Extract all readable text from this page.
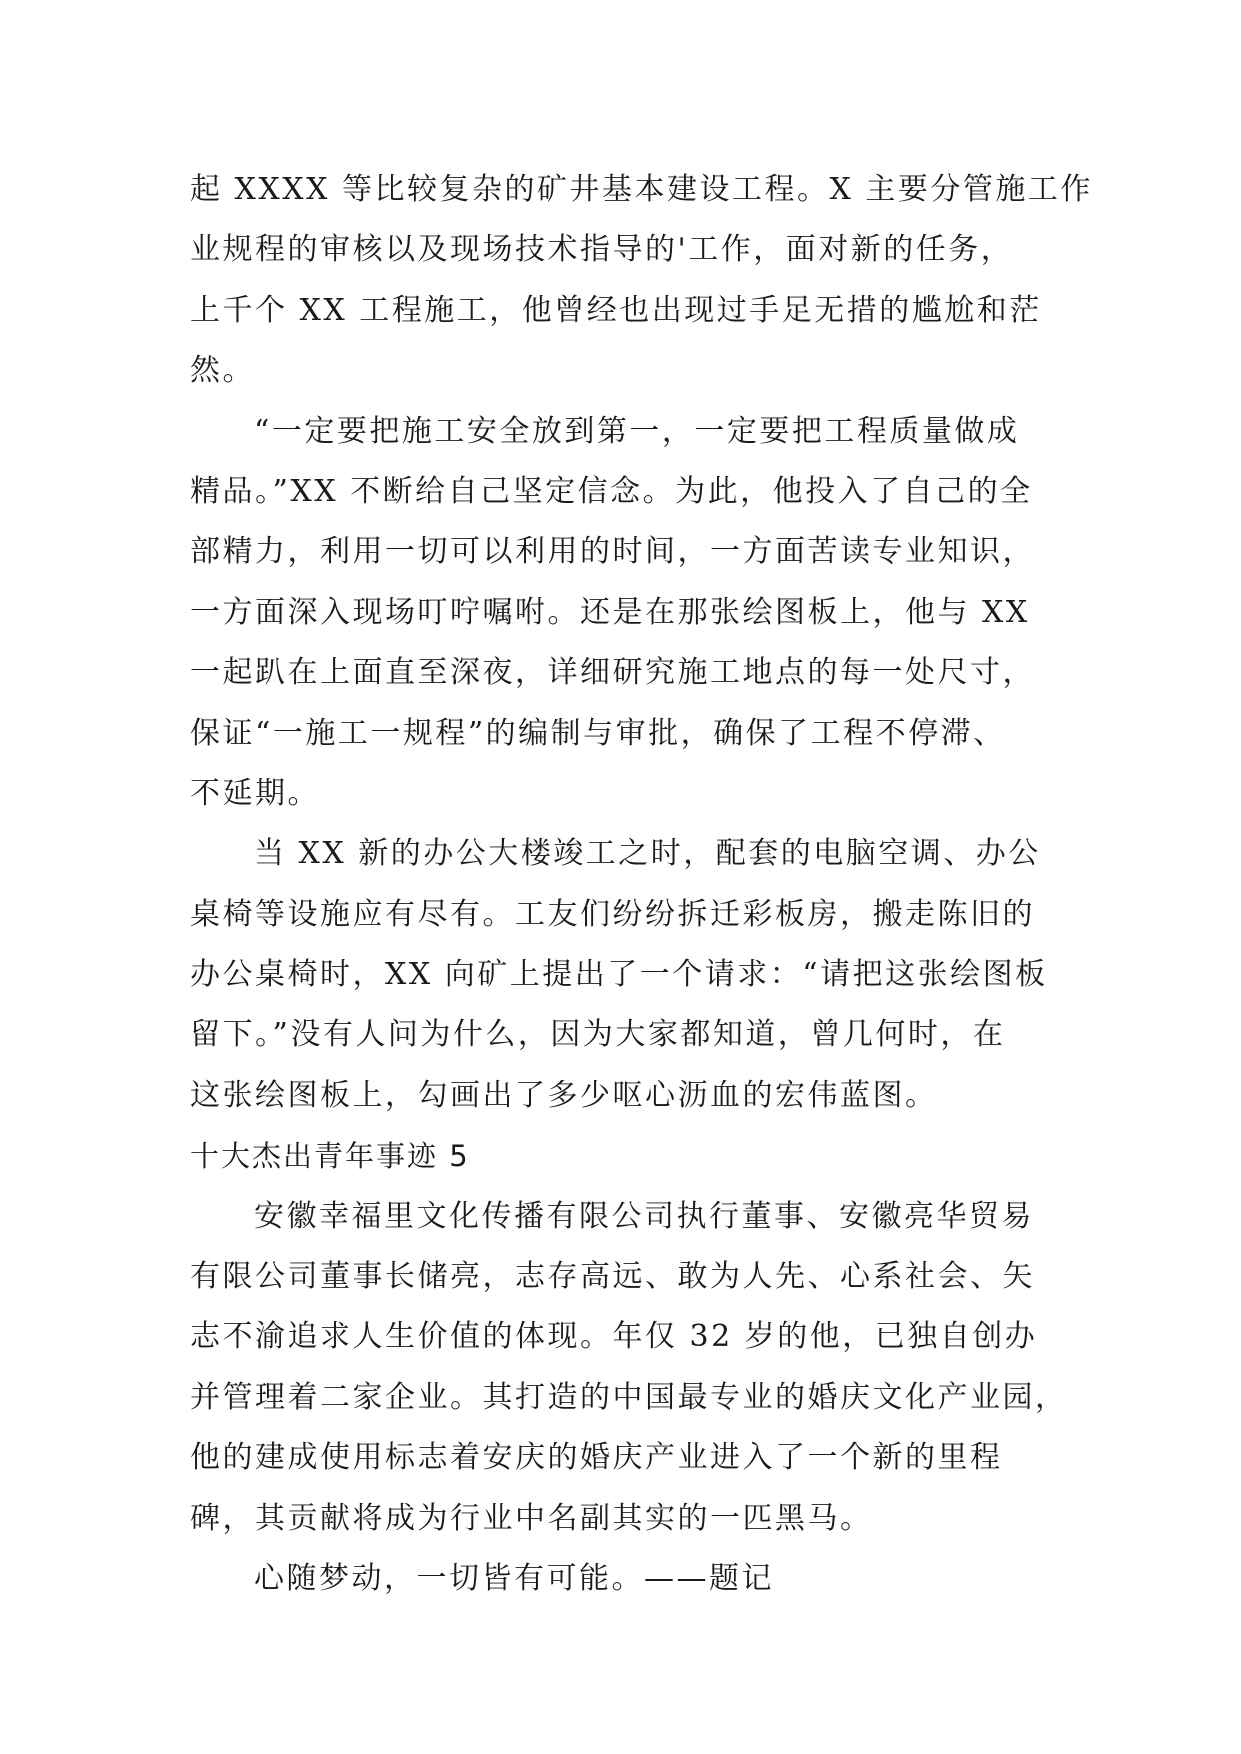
起 XXXX 等比较复杂的矿井基本建设工程。X 主要分管施工作
业规程的审核以及现场技术指导的'工作，面对新的任务，
上千个 XX 工程施工，他曾经也出现过手足无措的尴尬和茫
然。
“一定要把施工安全放到第一，一定要把工程质量做成
精品。”XX 不断给自己坚定信念。为此，他投入了自己的全
部精力，利用一切可以利用的时间，一方面苦读专业知识，
一方面深入现场叮咛嘱咐。还是在那张绘图板上，他与 XX
一起趴在上面直至深夜，详细研究施工地点的每一处尺寸，
保证“一施工一规程”的编制与审批，确保了工程不停滞、
不延期。
当 XX 新的办公大楼竣工之时，配套的电脑空调、办公
桌椅等设施应有尽有。工友们纷纷拆迁彩板房，搬走陈旧的
办公桌椅时，XX 向矿上提出了一个请求：“请把这张绘图板
留下。”没有人问为什么，因为大家都知道，曾几何时，在
这张绘图板上，勾画出了多少呕心沥血的宏伟蓝图。
十大杰出青年事迹 5
安徽幸福里文化传播有限公司执行董事、安徽亮华贸易
有限公司董事长储亮，志存高远、敢为人先、心系社会、矢
志不渝追求人生价值的体现。年仅 32 岁的他，已独自创办
并管理着二家企业。其打造的中国最专业的婚庆文化产业园，
他的建成使用标志着安庆的婚庆产业进入了一个新的里程
碑，其贡献将成为行业中名副其实的一匹黑马。
心随梦动，一切皆有可能。——题记
